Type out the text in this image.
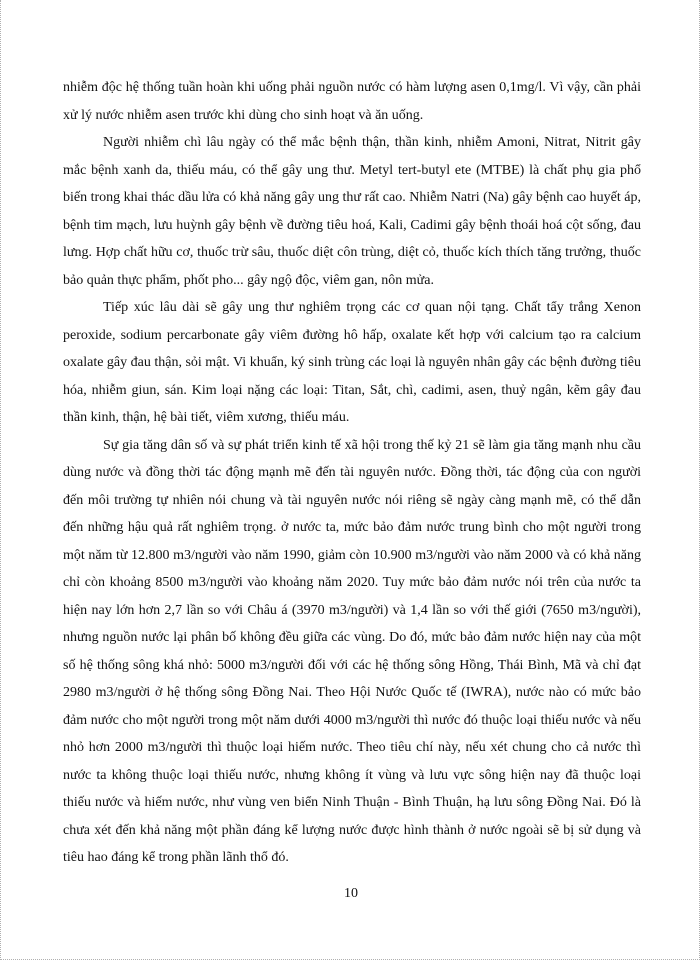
nhiễm độc hệ thống tuần hoàn khi uống phải nguồn nước có hàm lượng asen 0,1mg/l. Vì vậy, cần phải xử lý nước nhiễm asen trước khi dùng cho sinh hoạt và ăn uống.

Người nhiễm chì lâu ngày có thể mắc bệnh thận, thần kinh, nhiễm Amoni, Nitrat, Nitrit gây mắc bệnh xanh da, thiếu máu, có thể gây ung thư. Metyl tert-butyl ete (MTBE) là chất phụ gia phổ biến trong khai thác dầu lửa có khả năng gây ung thư rất cao. Nhiễm Natri (Na) gây bệnh cao huyết áp, bệnh tim mạch, lưu huỳnh gây bệnh về đường tiêu hoá, Kali, Cadimi gây bệnh thoái hoá cột sống, đau lưng. Hợp chất hữu cơ, thuốc trừ sâu, thuốc diệt côn trùng, diệt cỏ, thuốc kích thích tăng trưởng, thuốc bảo quản thực phẩm, phốt pho... gây ngộ độc, viêm gan, nôn mửa.

Tiếp xúc lâu dài sẽ gây ung thư nghiêm trọng các cơ quan nội tạng. Chất tẩy trắng Xenon peroxide, sodium percarbonate gây viêm đường hô hấp, oxalate kết hợp với calcium tạo ra calcium oxalate gây đau thận, sỏi mật. Vi khuẩn, ký sinh trùng các loại là nguyên nhân gây các bệnh đường tiêu hóa, nhiễm giun, sán. Kim loại nặng các loại: Titan, Sắt, chì, cadimi, asen, thuỷ ngân, kẽm gây đau thần kinh, thận, hệ bài tiết, viêm xương, thiếu máu.

Sự gia tăng dân số và sự phát triển kinh tế xã hội trong thế kỷ 21 sẽ làm gia tăng mạnh nhu cầu dùng nước và đồng thời tác động mạnh mẽ đến tài nguyên nước. Đồng thời, tác động của con người đến môi trường tự nhiên nói chung và tài nguyên nước nói riêng sẽ ngày càng mạnh mẽ, có thể dẫn đến những hậu quả rất nghiêm trọng. ở nước ta, mức bảo đảm nước trung bình cho một người trong một năm từ 12.800 m3/người vào năm 1990, giảm còn 10.900 m3/người vào năm 2000 và có khả năng chỉ còn khoảng 8500 m3/người vào khoảng năm 2020. Tuy mức bảo đảm nước nói trên của nước ta hiện nay lớn hơn 2,7 lần so với Châu á (3970 m3/người) và 1,4 lần so với thế giới (7650 m3/người), nhưng nguồn nước lại phân bố không đều giữa các vùng. Do đó, mức bảo đảm nước hiện nay của một số hệ thống sông khá nhỏ: 5000 m3/người đối với các hệ thống sông Hồng, Thái Bình, Mã và chỉ đạt 2980 m3/người ở hệ thống sông Đồng Nai. Theo Hội Nước Quốc tế (IWRA), nước nào có mức bảo đảm nước cho một người trong một năm dưới 4000 m3/người thì nước đó thuộc loại thiếu nước và nếu nhỏ hơn 2000 m3/người thì thuộc loại hiếm nước. Theo tiêu chí này, nếu xét chung cho cả nước thì nước ta không thuộc loại thiếu nước, nhưng không ít vùng và lưu vực sông hiện nay đã thuộc loại thiếu nước và hiếm nước, như vùng ven biển Ninh Thuận - Bình Thuận, hạ lưu sông Đồng Nai. Đó là chưa xét đến khả năng một phần đáng kể lượng nước được hình thành ở nước ngoài sẽ bị sử dụng và tiêu hao đáng kể trong phần lãnh thổ đó.

10
